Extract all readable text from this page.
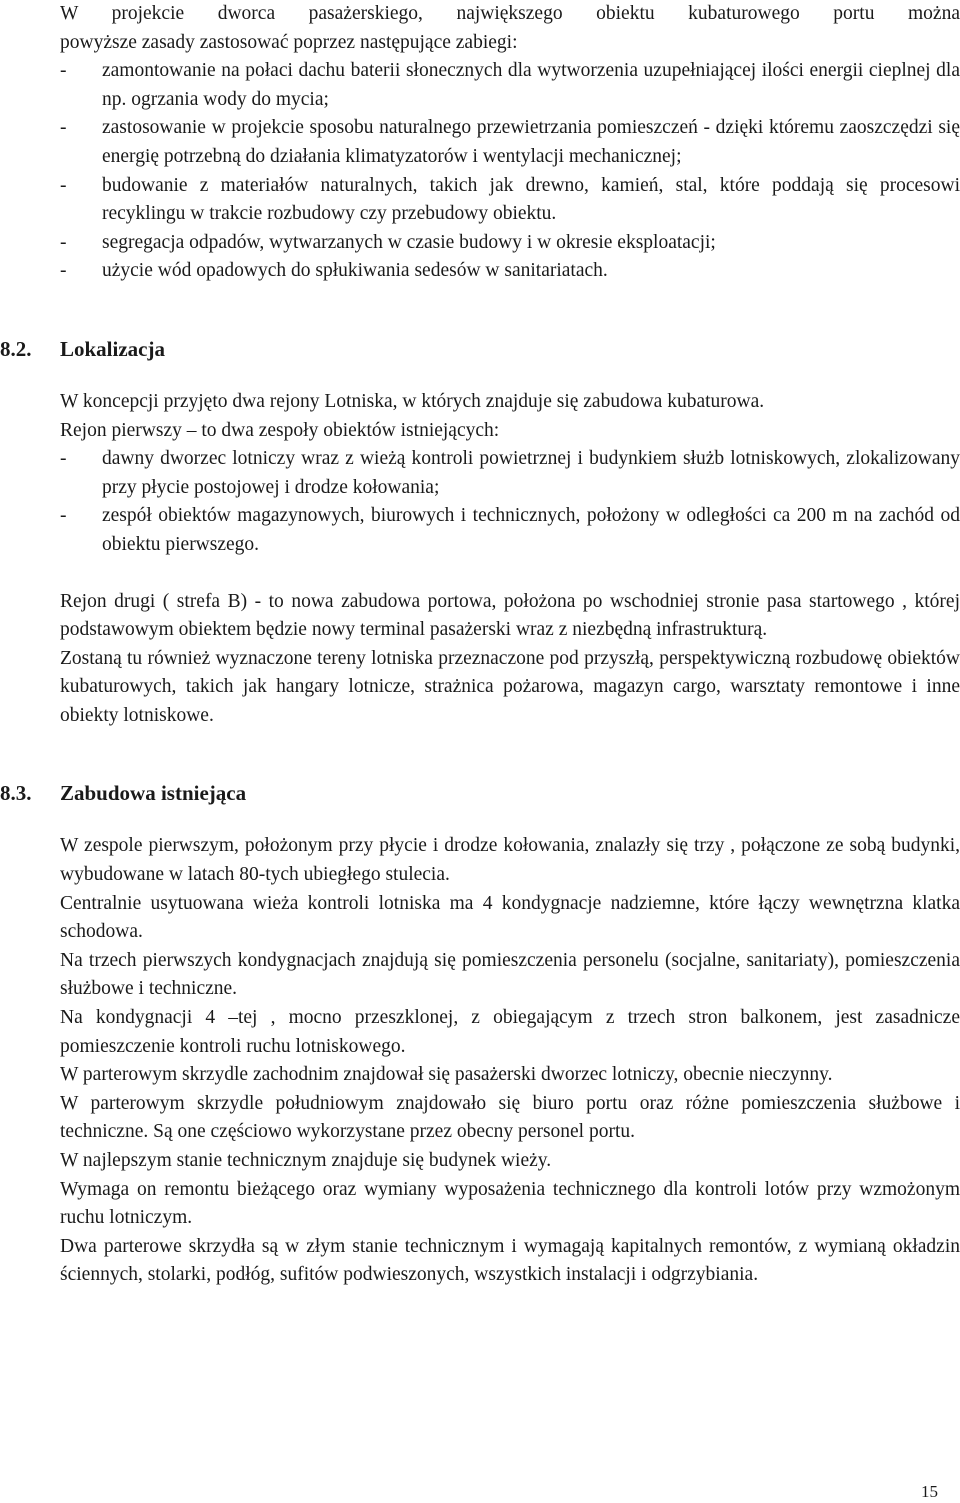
W projekcie dworca pasażerskiego, największego obiektu kubaturowego portu można

powyższe zasady zastosować poprzez następujące zabiegi:

- zamontowanie na połaci dachu baterii słonecznych dla wytworzenia uzupełniającej ilości energii cieplnej dla np. ogrzania wody do mycia;

- zastosowanie w projekcie sposobu naturalnego przewietrzania pomieszczeń - dzięki któremu zaoszczędzi się energię potrzebną do działania klimatyzatorów i wentylacji mechanicznej;

- budowanie z materiałów naturalnych, takich jak drewno, kamień, stal, które poddają się procesowi recyklingu w trakcie rozbudowy czy przebudowy obiektu.

- segregacja odpadów, wytwarzanych w czasie budowy i w okresie eksploatacji;

- użycie wód opadowych do spłukiwania sedesów w sanitariatach.

8.2. Lokalizacja

W koncepcji przyjęto dwa rejony Lotniska, w których znajduje się zabudowa kubaturowa.

Rejon pierwszy – to dwa zespoły obiektów istniejących:

- dawny dworzec lotniczy wraz z wieżą kontroli powietrznej i budynkiem służb lotniskowych, zlokalizowany przy płycie postojowej i drodze kołowania;

- zespół obiektów magazynowych, biurowych i technicznych, położony w odległości ca 200 m na zachód od obiektu pierwszego.

Rejon drugi ( strefa B) - to nowa zabudowa portowa, położona po wschodniej stronie pasa startowego , której podstawowym obiektem będzie nowy terminal pasażerski wraz z niezbędną infrastrukturą.

Zostaną tu również wyznaczone tereny lotniska przeznaczone pod przyszłą, perspektywiczną rozbudowę obiektów kubaturowych, takich jak hangary lotnicze, strażnica pożarowa, magazyn cargo, warsztaty remontowe i inne obiekty lotniskowe.

8.3. Zabudowa istniejąca

W zespole pierwszym, położonym przy płycie i drodze kołowania, znalazły się trzy , połączone ze sobą budynki, wybudowane w latach 80-tych ubiegłego stulecia.

Centralnie usytuowana wieża kontroli lotniska ma 4 kondygnacje nadziemne, które łączy wewnętrzna klatka schodowa.

Na trzech pierwszych kondygnacjach znajdują się pomieszczenia personelu (socjalne, sanitariaty), pomieszczenia służbowe i techniczne.

Na kondygnacji 4 –tej , mocno przeszklonej, z obiegającym z trzech stron balkonem, jest zasadnicze pomieszczenie kontroli ruchu lotniskowego.

W parterowym skrzydle zachodnim znajdował się pasażerski dworzec lotniczy, obecnie nieczynny.

W parterowym skrzydle południowym znajdowało się biuro portu oraz różne pomieszczenia służbowe i techniczne. Są one częściowo wykorzystane przez obecny personel portu.

W najlepszym stanie technicznym znajduje się budynek wieży.

Wymaga on remontu bieżącego oraz wymiany wyposażenia technicznego dla kontroli lotów przy wzmożonym ruchu lotniczym.

Dwa parterowe skrzydła są w złym stanie technicznym i wymagają kapitalnych remontów, z wymianą okładzin ściennych, stolarki, podłóg, sufitów podwieszonych, wszystkich instalacji i odgrzybiania.

15
